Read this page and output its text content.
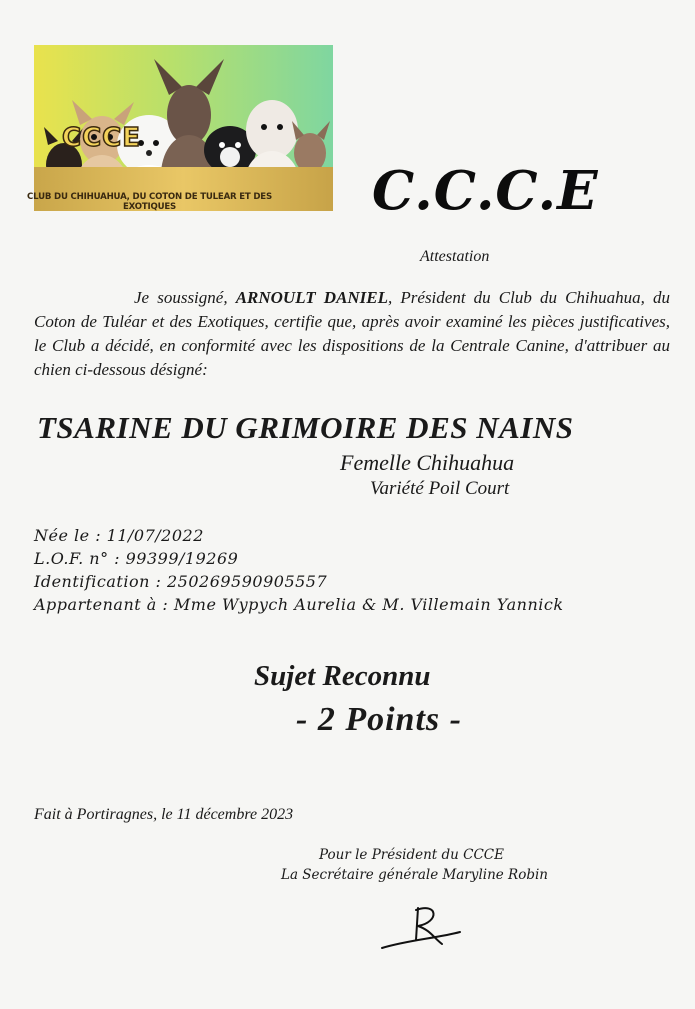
CCCE
CLUB DU CHIHUAHUA, DU COTON DE TULEAR ET DES EXOTIQUES	C.C.C.E
Attestation
Je soussigné, ARNOULT DANIEL, Président du Club du Chihuahua, du Coton de Tuléar et des Exotiques, certifie que, après avoir examiné les pièces justificatives, le Club a décidé, en conformité avec les dispositions de la Centrale Canine, d'attribuer au chien ci-dessous désigné:
TSARINE DU GRIMOIRE DES NAINS
Femelle Chihuahua
Variété Poil Court
Née le : 11/07/2022
L.O.F. n° : 99399/19269
Identification : 250269590905557
Appartenant à : Mme Wypych Aurelia & M. Villemain Yannick
Sujet Reconnu
- 2 Points -
Fait à Portiragnes, le 11 décembre 2023
Pour le Président du CCCE
La Secrétaire générale Maryline Robin
